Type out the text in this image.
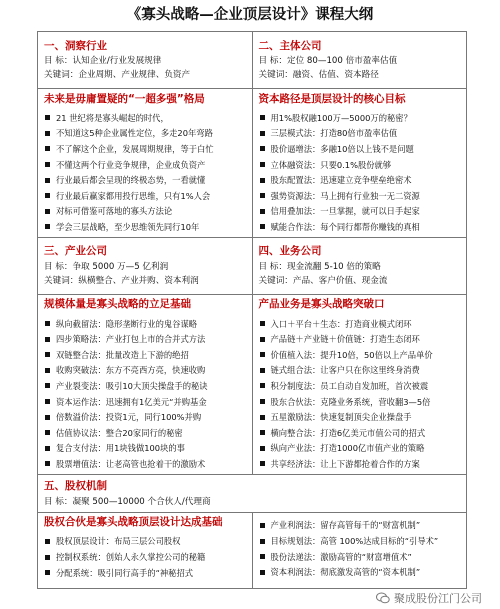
《寡头战略—企业顶层设计》课程大纲
一、洞察行业
目 标：认知企业/行业发展规律
关键词：企业周期、产业规律、负资产
二、主体公司
目 标：定位 80—100 倍市盈率估值
关键词：融资、估值、资本路径
未来是毋庸置疑的“一超多强”格局
21 世纪将是寡头崛起的时代，
不知道这5种企业属性定位，多走20年弯路
不了解这个企业，发展周期规律，等于白忙
不懂这两个行业竞争规律，企业成负资产
行业最后都会呈现的终极态势，一看就懂
行业最后赢家都用投行思维，只有1%人会
对标可借鉴可落地的寡头方法论
学会三层战略，至少思维领先同行10年
资本路径是顶层设计的核心目标
用1%股权融100万—5000万的秘密？
三层模式法：打造80倍市盈率估值
股价逼增法：多融10倍以上钱不是问题
立体融资法：只要0.1%股份就够
股东配置法：迅速建立竞争壁垒绝密术
强势资源法：马上拥有行业独一无二资源
信用叠加法：一旦掌握，就可以日手起家
赋能合作法：每个同行都帮你赚钱的真相
三、产业公司
目 标：争取 5000 万—5 亿利润
关键词：纵横整合、产业并购、资本利润
四、业务公司
目 标：现金流翻 5-10 倍的策略
关键词：产品、客户价值、现金流
规模体量是寡头战略的立足基础
纵向截留法：隐形垄断行业的鬼谷谋略
四步策略法：产业打包上市的合并式方法
双链整合法：批量改造上下游的绝招
收购突破法：东方不亮西方亮，快速收购
产业裂变法：吸引10大顶尖操盘手的秘诀
资本运作法：迅速拥有1亿美元“并购基金
倍数溢价法：投资1元，同行100%并购
估值协议法：整合20家同行的秘密
复合支付法：用1块钱做100块的事
股票增值法：让老高管也抢着干的激励术
产品业务是寡头战略突破口
入口＋平台＋生态：打造商业模式闭环
产品链＋产业链＋价值链：打造生态闭环
价值植入法：提升10倍，50倍以上产品单价
链式组合法：让客户只在你这里终身消费
积分制度法：员工自动自发加班，首次被震
股东合伙法：克隆业务系统，营收翻3—5倍
五星激励法：快速复制顶尖企业操盘手
横向整合法：打造6亿美元市值公司的招式
纵向产业法：打造1000亿市值产业的策略
共享经济法：让上下游都抢着合作的方案
五、股权机制
目 标：凝聚 500—10000 个合伙人/代理商
股权合伙是寡头战略顶层设计达成基础
股权顶层设计：布局三层公司股权
控制权系统：创始人永久掌控公司的秘籍
分配系统：吸引同行高手的“神秘招式
产业利润法：留存高管每千的“财富机制”
目标规划法：高管 100%达成目标的“引导术”
股份法递法：激励高管的“财富增值术”
资本利润法：彻底激发高管的“资本机制”
聚成股份江门公司
